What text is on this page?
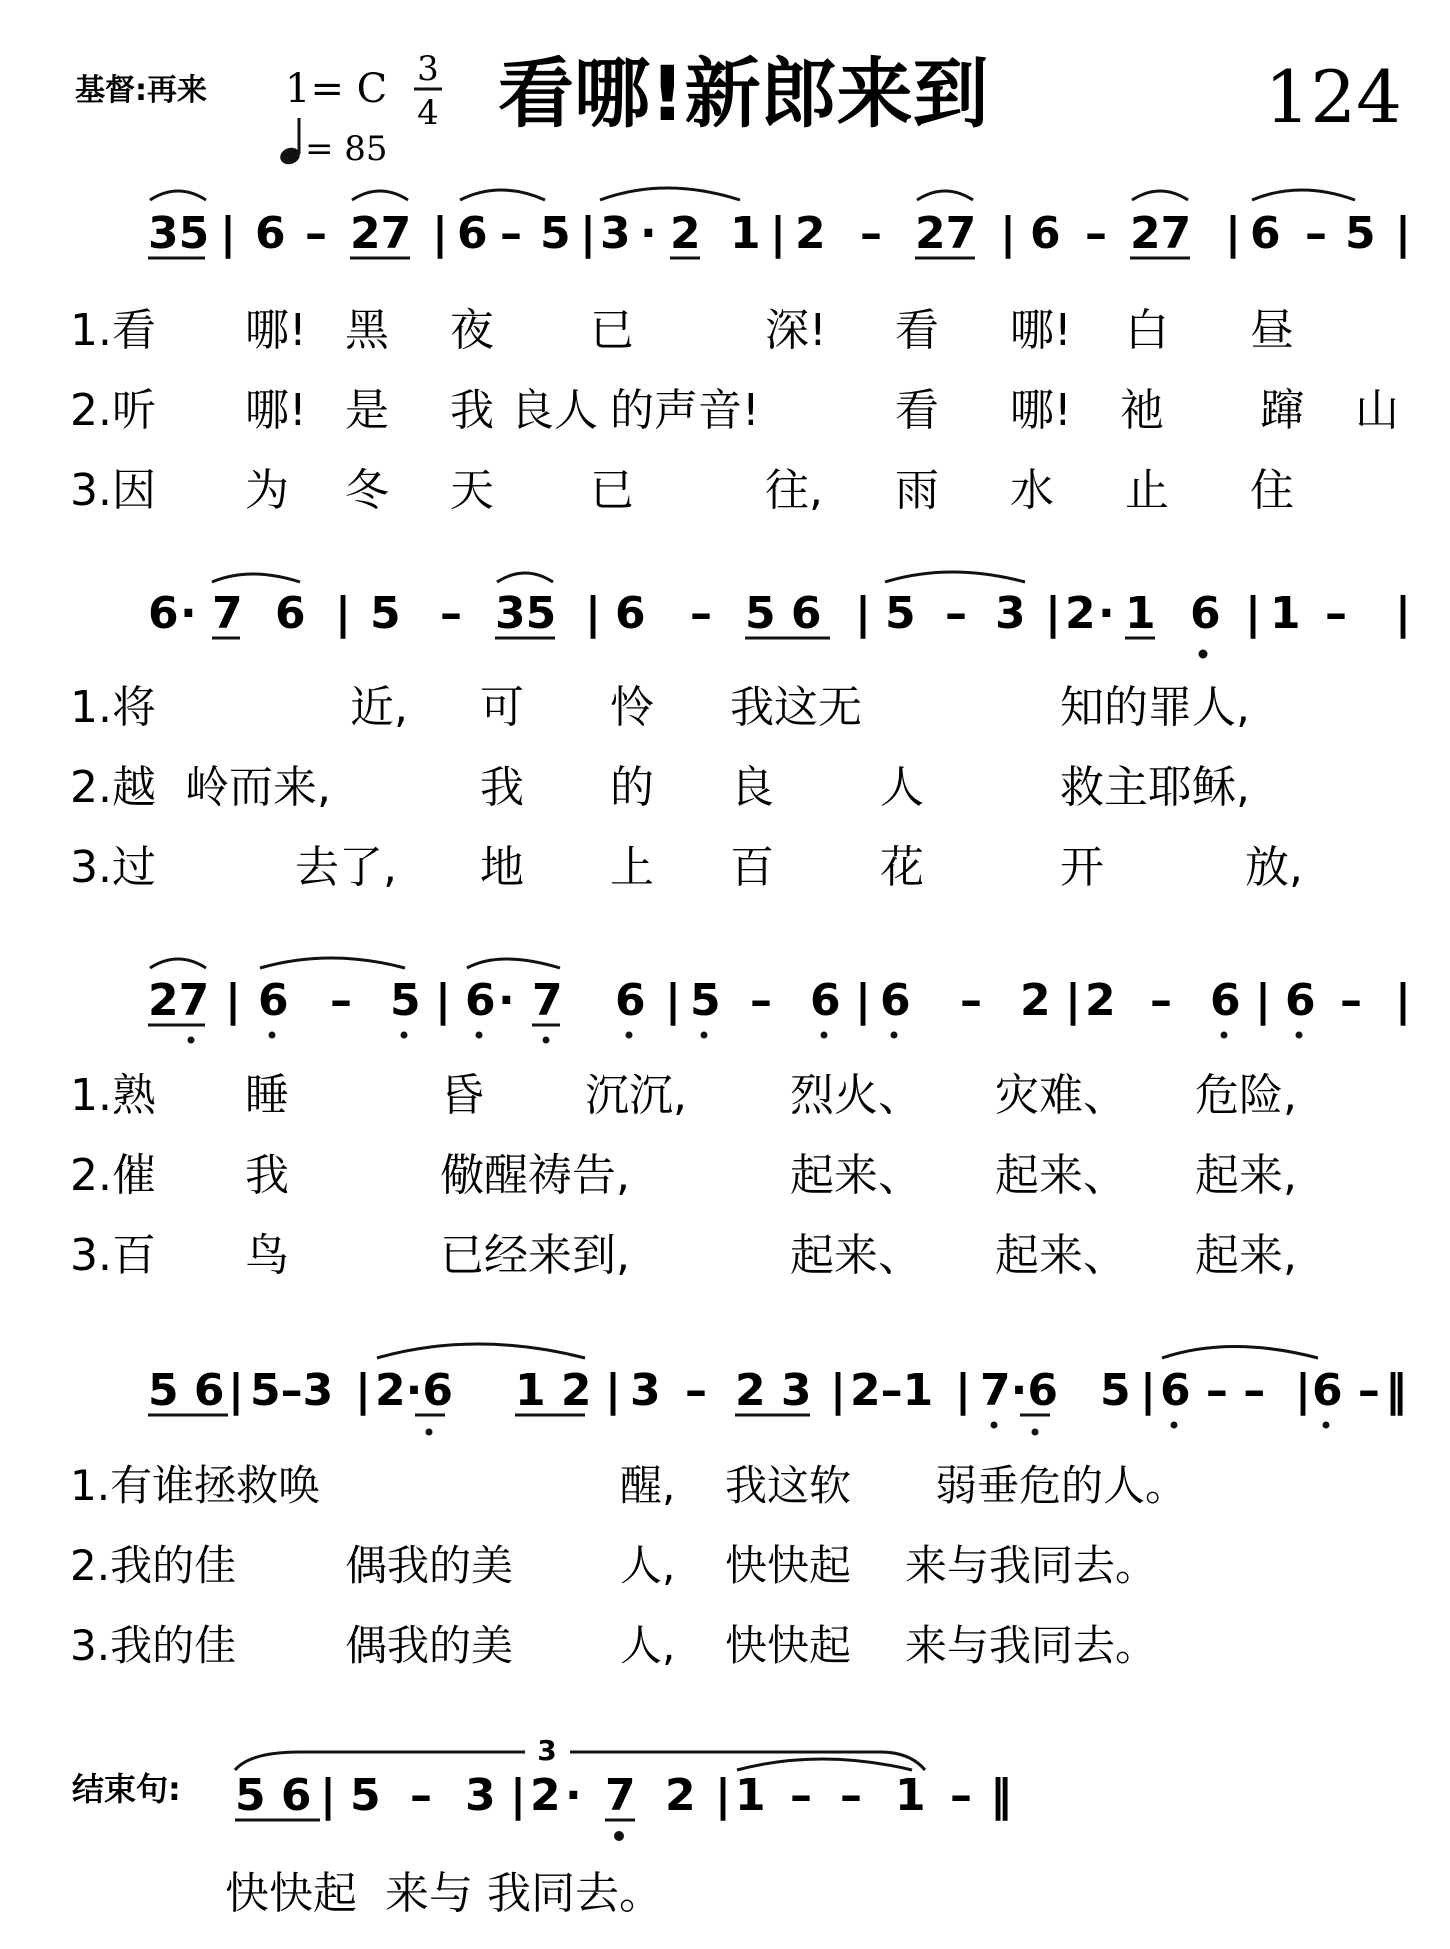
基督:再来 1= C 3
4
= 85
看哪!新郎来到	124
35 | 6 – 27 | 6 – 5 | 3 · 2 1 | 2 – 27 | 6 – 27 | 6 – 5 |
1.看 哪! 黑 夜 已	深! 看 哪! 白 昼
2.听 哪! 是 我 良人 的声音!	看 哪! 祂 蹿 山
3.因 为 冬 天 已	往, 雨 水 止 住
6 · 7 6 | 5 – 35 | 6 – 5 6 | 5 – 3 | 2 · 1 6 | 1 – |
1.将	近, 可 怜 我这无	知的罪人,
2.越 岭而来,	我 的 良 人	救主耶稣,
3.过	去了, 地 上 百 花	开	放,
27 | 6 – 5 | 6 · 7 6 | 5 – 6 | 6 – 2 | 2 – 6 | 6 – |
1.熟 睡	昏 沉沉, 烈火、 灾难、 危险,
2.催 我	儆醒祷告,	起来、 起来、 起来,
3.百 鸟	已经来到,	起来、 起来、 起来,
5 6 | 5–3 | 2·6 1 2 | 3 – 2 3 | 2–1 | 7·6 5 | 6 – – | 6 – ‖
1.有谁拯救唤	醒, 我这软 弱垂危的人。
2.我的佳	偶我的美	人, 快快起 来与我同去。
3.我的佳	偶我的美	人, 快快起 来与我同去。
结束句:
3
5 6 | 5 – 3 | 2 · 7 2 | 1 – – 1 – ‖
快快起  来与 我同去。
